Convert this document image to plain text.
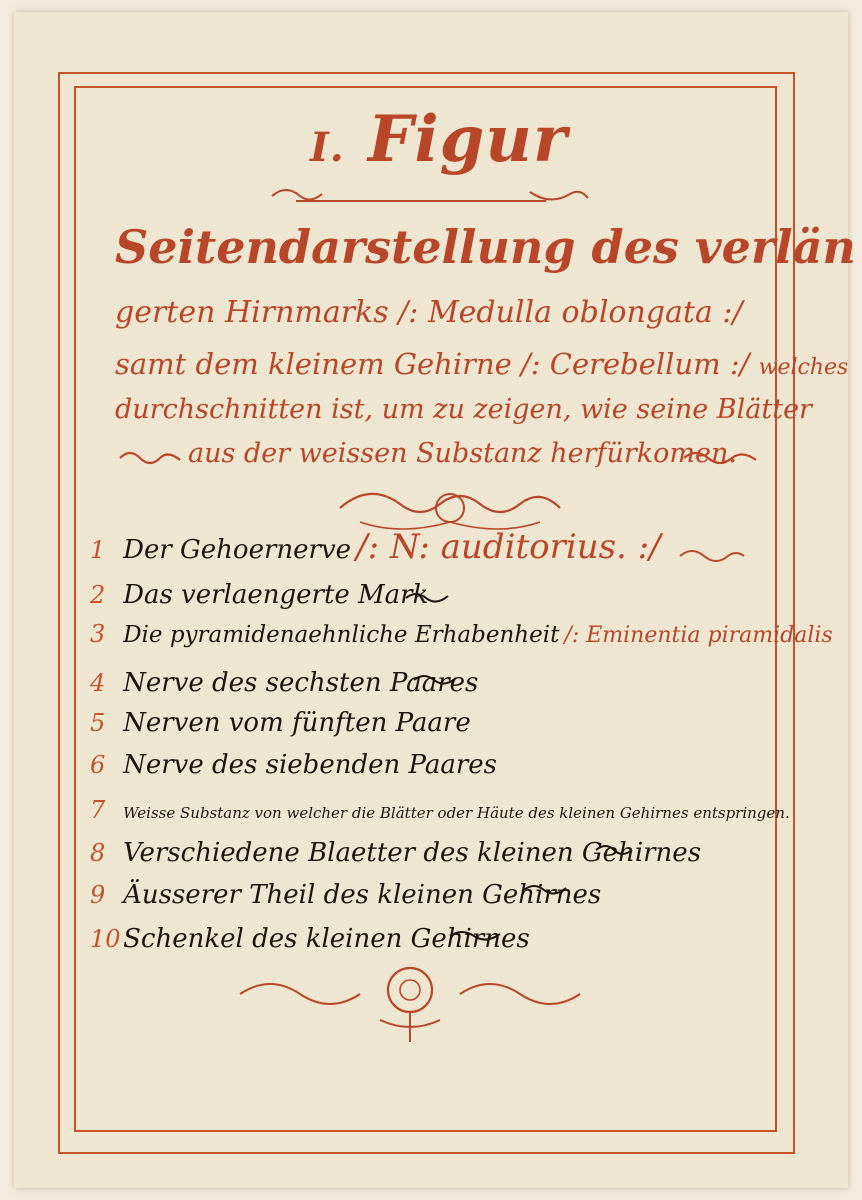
I. Figur
Seitendarstellung des verlän
gerten Hirnmarks /: Medulla oblongata :/
samt dem kleinem Gehirne /: Cerebellum :/ welches
durchschnitten ist, um zu zeigen, wie seine Blätter
aus der weissen Substanz herfürkomen.
1 Der Gehoernerve /: N: auditorius. :/
2 Das verlaengerte Mark
3 Die pyramidenaehnliche Erhabenheit /: Eminentia piramidalis
4 Nerve des sechsten Paares
5 Nerven vom fünften Paare
6 Nerve des siebenden Paares
7 Weisse Substanz von welcher die Blätter oder Häute des kleinen Gehirnes entspringen.
8 Verschiedene Blaetter des kleinen Gehirnes
9 Äusserer Theil des kleinen Gehirnes
10 Schenkel des kleinen Gehirnes
